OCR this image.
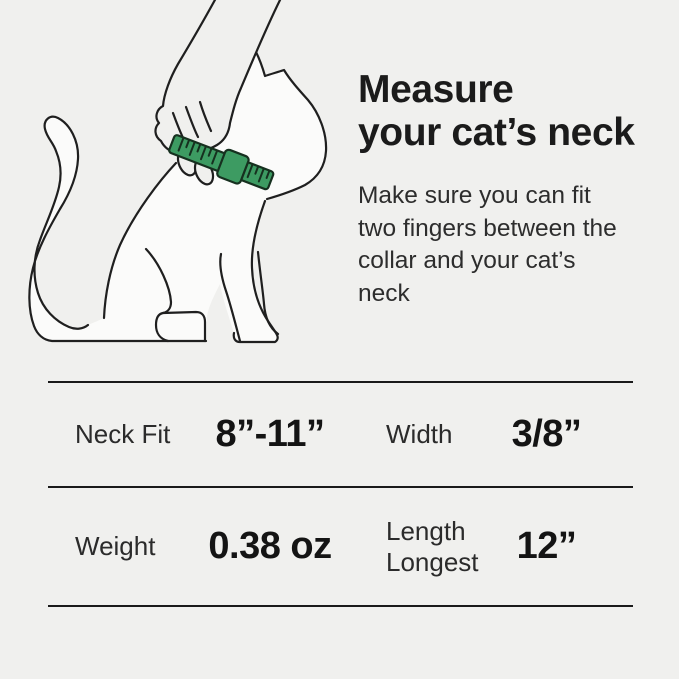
Measure
your cat’s neck

Make sure you can fit two fingers between the collar and your cat’s neck

Neck Fit	8”-11”	Width	3/8”
Weight	0.38 oz	Length Longest	12”
